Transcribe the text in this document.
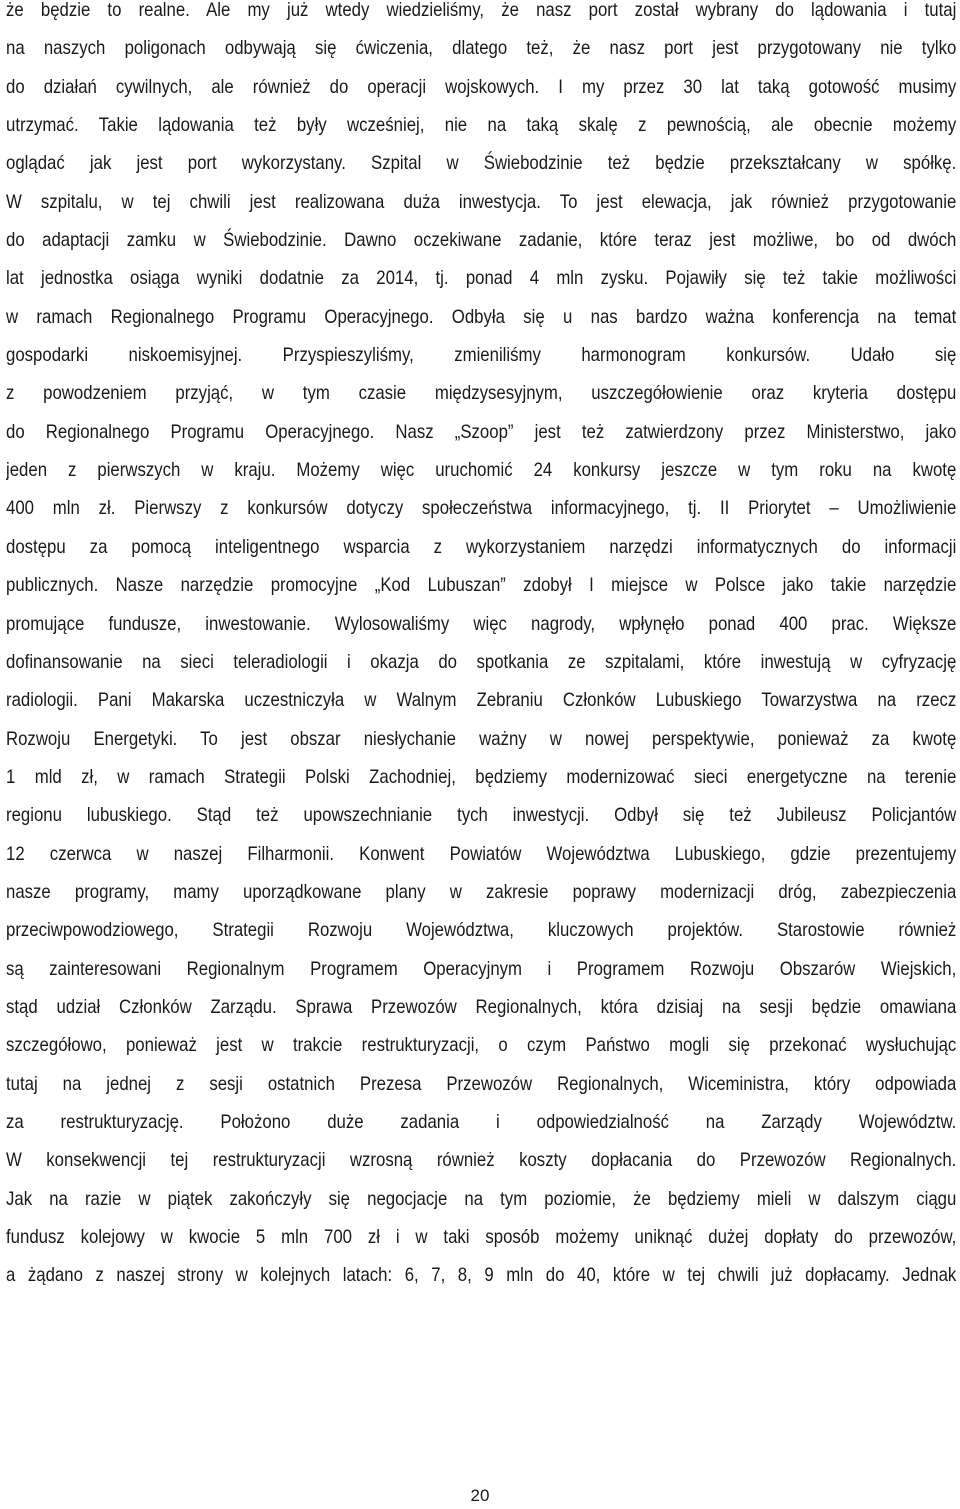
że będzie to realne. Ale my już wtedy wiedzieliśmy, że nasz port został wybrany do lądowania i tutaj
na naszych poligonach odbywają się ćwiczenia, dlatego też, że nasz port jest przygotowany nie tylko
do działań cywilnych, ale również do operacji wojskowych. I my przez 30 lat taką gotowość musimy
utrzymać. Takie lądowania też były wcześniej, nie na taką skalę z pewnością, ale obecnie możemy
oglądać jak jest port wykorzystany. Szpital w Świebodzinie też będzie przekształcany w spółkę.
W szpitalu, w tej chwili jest realizowana duża inwestycja. To jest elewacja, jak również przygotowanie
do adaptacji zamku w Świebodzinie. Dawno oczekiwane zadanie, które teraz jest możliwe, bo od dwóch
lat jednostka osiąga wyniki dodatnie za 2014, tj. ponad 4 mln zysku. Pojawiły się też takie możliwości
w ramach Regionalnego Programu Operacyjnego. Odbyła się u nas bardzo ważna konferencja na temat
gospodarki niskoemisyjnej. Przyspieszyliśmy, zmieniliśmy harmonogram konkursów. Udało się
z powodzeniem przyjąć, w tym czasie międzysesyjnym, uszczegółowienie oraz kryteria dostępu
do Regionalnego Programu Operacyjnego. Nasz „Szoop” jest też zatwierdzony przez Ministerstwo, jako
jeden z pierwszych w kraju. Możemy więc uruchomić 24 konkursy jeszcze w tym roku na kwotę
400 mln zł. Pierwszy z konkursów dotyczy społeczeństwa informacyjnego, tj. II Priorytet – Umożliwienie
dostępu za pomocą inteligentnego wsparcia z wykorzystaniem narzędzi informatycznych do informacji
publicznych. Nasze narzędzie promocyjne „Kod Lubuszan” zdobył I miejsce w Polsce jako takie narzędzie
promujące funduszе, inwestowanie. Wylosowaliśmy więc nagrody, wpłynęło ponad 400 prac. Większe
dofinansowanie na sieci teleradiologii i okazja do spotkania ze szpitalami, które inwestują w cyfryzację
radiologii. Pani Makarska uczestniczyła w Walnym Zebraniu Członków Lubuskiego Towarzystwa na rzecz
Rozwoju Energetyki. To jest obszar niesłychanie ważny w nowej perspektywie, ponieważ za kwotę
1 mld zł, w ramach Strategii Polski Zachodniej, będziemy modernizować sieci energetyczne na terenie
regionu lubuskiego. Stąd też upowszechnianie tych inwestycji. Odbył się też Jubileusz Policjantów
12 czerwca w naszej Filharmonii. Konwent Powiatów Województwa Lubuskiego, gdzie prezentujemy
nasze programy, mamy uporządkowane plany w zakresie poprawy modernizacji dróg, zabezpieczenia
przeciwpowodziowego, Strategii Rozwoju Województwa, kluczowych projektów. Starostowie również
są zainteresowani Regionalnym Programem Operacyjnym i Programem Rozwoju Obszarów Wiejskich,
stąd udział Członków Zarządu. Sprawa Przewozów Regionalnych, która dzisiaj na sesji będzie omawiana
szczegółowo, ponieważ jest w trakcie restrukturyzacji, o czym Państwo mogli się przekonać wysłuchując
tutaj na jednej z sesji ostatnich Prezesa Przewozów Regionalnych, Wiceministra, który odpowiada
za restrukturyzację. Położono duże zadania i odpowiedzialność na Zarządy Województw.
W konsekwencji tej restrukturyzacji wzrosną również koszty dopłacania do Przewozów Regionalnych.
Jak na razie w piątek zakończyły się negocjacje na tym poziomie, że będziemy mieli w dalszym ciągu
fundusz kolejowy w kwocie 5 mln 700 zł i w taki sposób możemy uniknąć dużej dopłaty do przewozów,
a żądano z naszej strony w kolejnych latach: 6, 7, 8, 9 mln do 40, które w tej chwili już dopłacamy. Jednak
20
